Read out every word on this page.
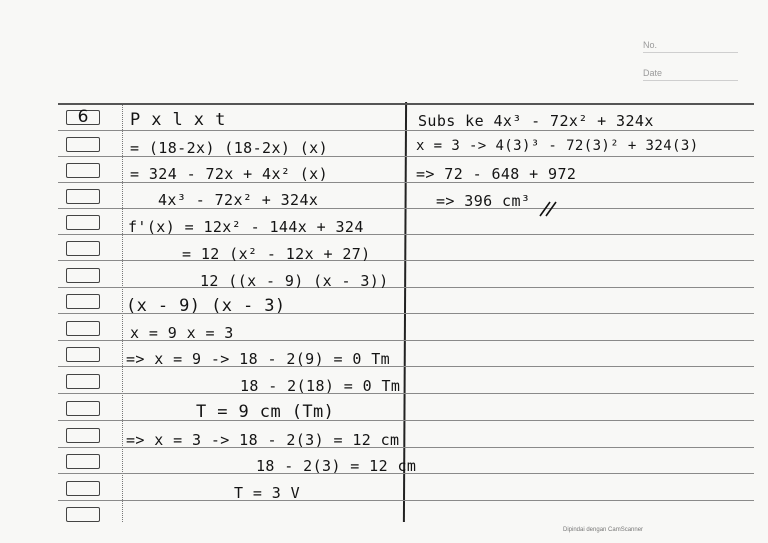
No.
Date
6	P x l x t
= (18-2x) (18-2x) (x)
= 324 - 72x + 4x² (x)
4x³ - 72x² + 324x
f'(x) = 12x² - 144x + 324
= 12 (x² - 12x + 27)
12 ((x - 9) (x - 3))
(x - 9) (x - 3)
x = 9 x = 3
=> x = 9 -> 18 - 2(9) = 0 Tm
18 - 2(18) = 0 Tm
T = 9 cm (Tm)
=> x = 3 -> 18 - 2(3) = 12 cm
18 - 2(3) = 12 cm
T = 3 V
Subs ke 4x³ - 72x² + 324x
x = 3 -> 4(3)³ - 72(3)² + 324(3)
=> 72 - 648 + 972
=> 396 cm³
Dipindai dengan CamScanner
